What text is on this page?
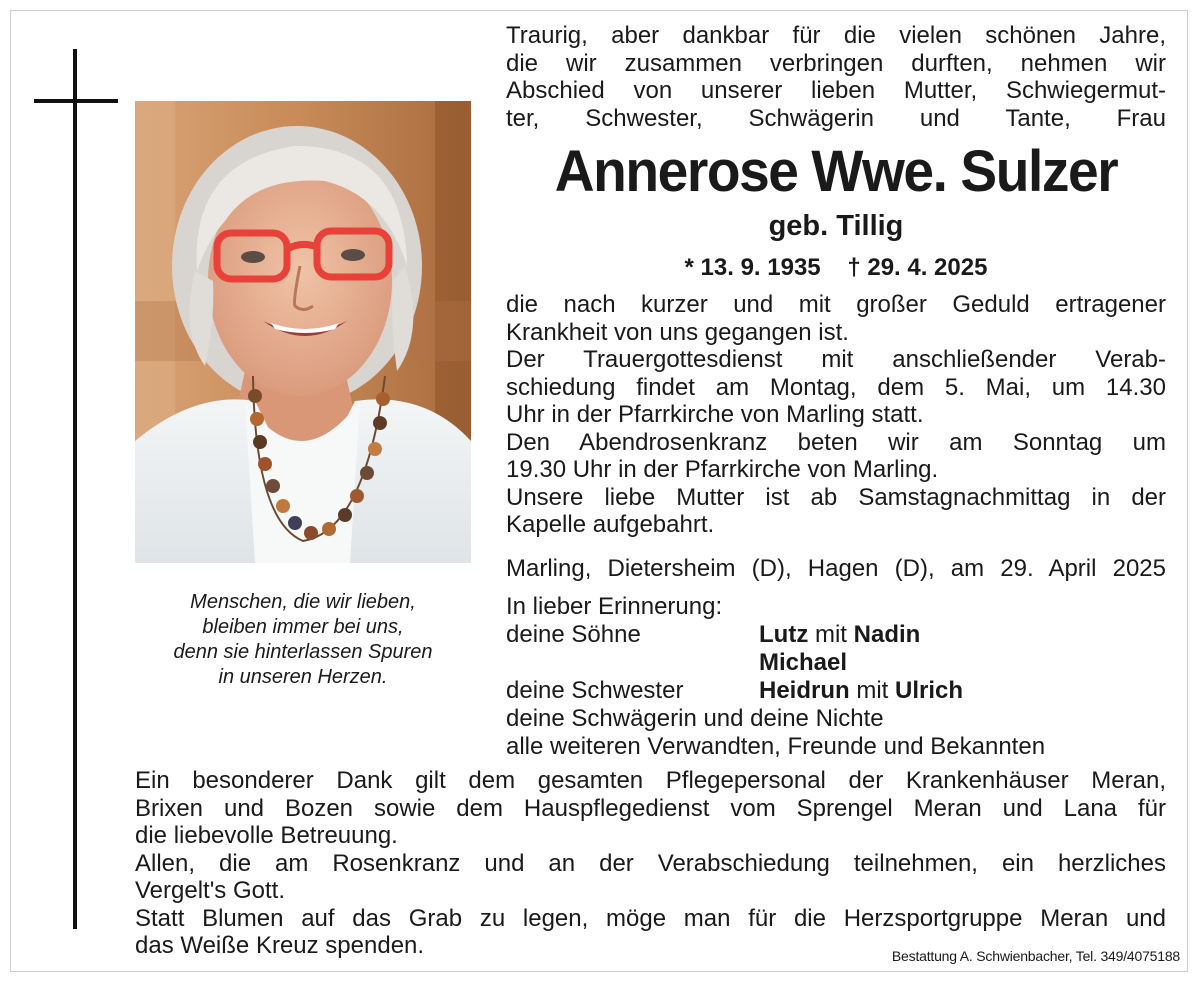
Menschen, die wir lieben,
bleiben immer bei uns,
denn sie hinterlassen Spuren
in unseren Herzen.
Traurig, aber dankbar für die vielen schönen Jahre,
die wir zusammen verbringen durften, nehmen wir
Abschied von unserer lieben Mutter, Schwiegermut-
ter, Schwester, Schwägerin und Tante, Frau
Annerose Wwe. Sulzer
geb. Tillig
* 13. 9. 1935 † 29. 4. 2025
die nach kurzer und mit großer Geduld ertragener
Krankheit von uns gegangen ist.
Der Trauergottesdienst mit anschließender Verab-
schiedung findet am Montag, dem 5. Mai, um 14.30
Uhr in der Pfarrkirche von Marling statt.
Den Abendrosenkranz beten wir am Sonntag um
19.30 Uhr in der Pfarrkirche von Marling.
Unsere liebe Mutter ist ab Samstagnachmittag in der
Kapelle aufgebahrt.
Marling, Dietersheim (D), Hagen (D), am 29. April 2025
In lieber Erinnerung:
deine Söhne	Lutz mit Nadin
Michael
deine Schwester	Heidrun mit Ulrich
deine Schwägerin und deine Nichte
alle weiteren Verwandten, Freunde und Bekannten
Ein besonderer Dank gilt dem gesamten Pflegepersonal der Krankenhäuser Meran,
Brixen und Bozen sowie dem Hauspflegedienst vom Sprengel Meran und Lana für
die liebevolle Betreuung.
Allen, die am Rosenkranz und an der Verabschiedung teilnehmen, ein herzliches
Vergelt's Gott.
Statt Blumen auf das Grab zu legen, möge man für die Herzsportgruppe Meran und
das Weiße Kreuz spenden.	Bestattung A. Schwienbacher, Tel. 349/4075188
